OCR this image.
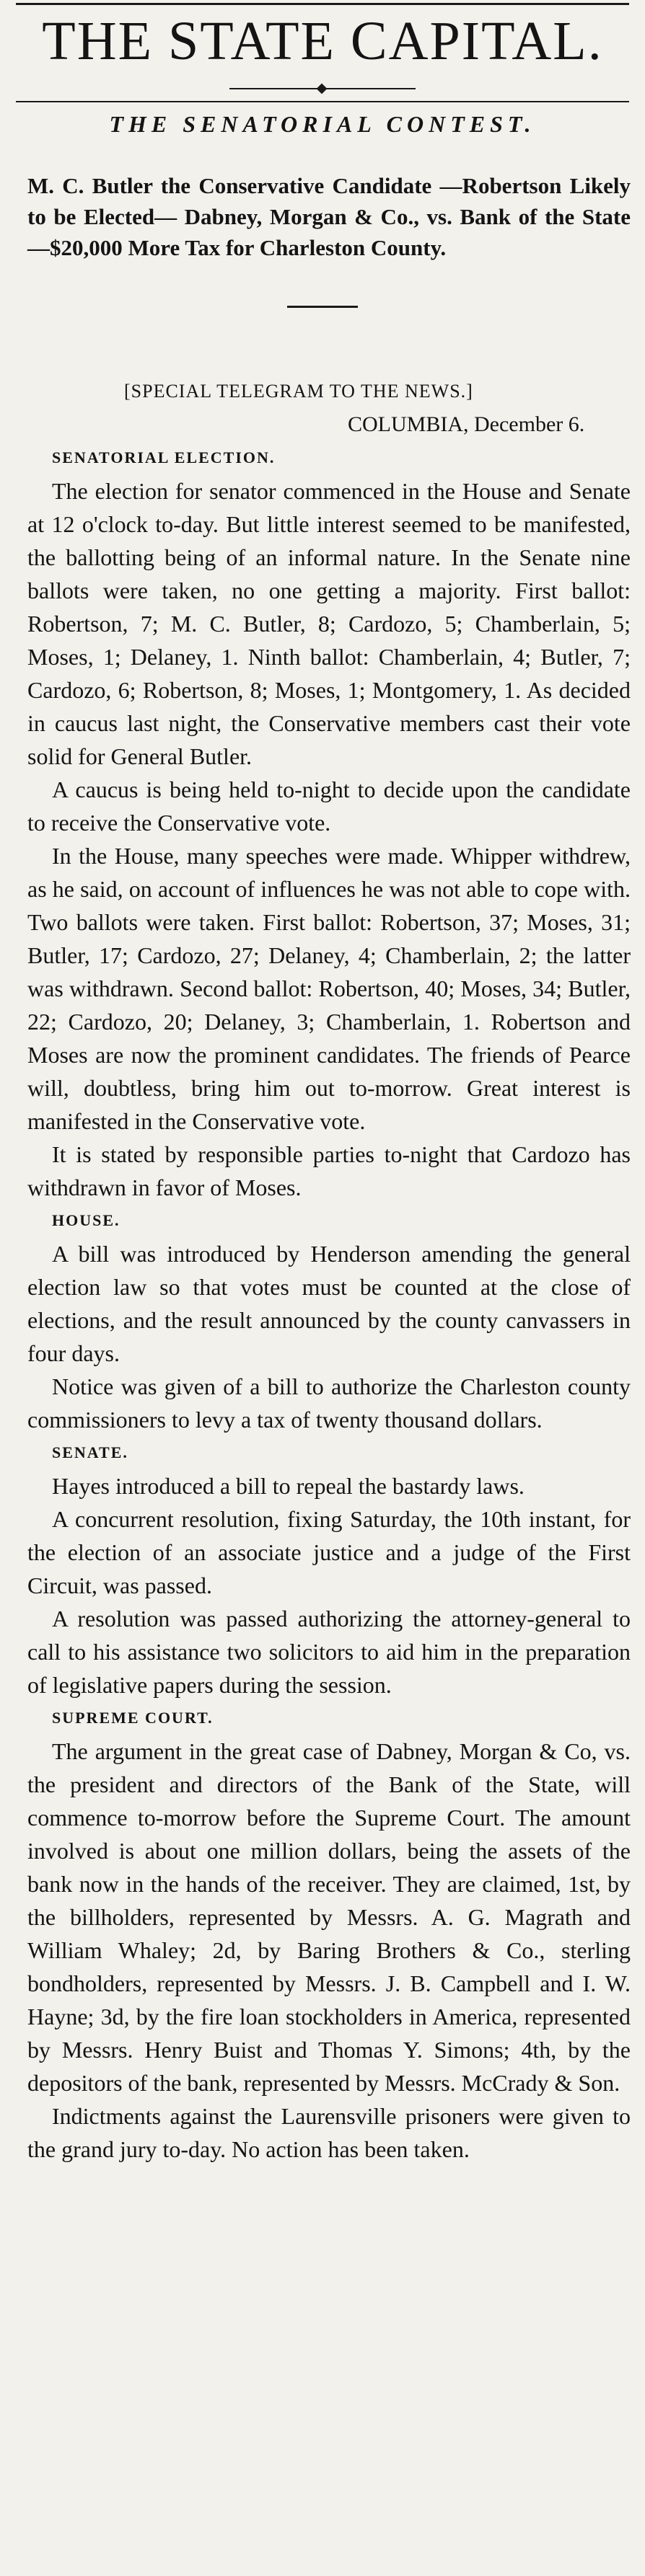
THE STATE CAPITAL.
THE SENATORIAL CONTEST.
M. C. Butler the Conservative Candidate —Robertson Likely to be Elected— Dabney, Morgan & Co., vs. Bank of the State—$20,000 More Tax for Charleston County.

[SPECIAL TELEGRAM TO THE NEWS.]

COLUMBIA, December 6.

SENATORIAL ELECTION.

The election for senator commenced in the House and Senate at 12 o'clock to-day. But little interest seemed to be manifested, the ballotting being of an informal nature. In the Senate nine ballots were taken, no one getting a majority. First ballot: Robertson, 7; M. C. Butler, 8; Cardozo, 5; Chamberlain, 5; Moses, 1; Delaney, 1. Ninth ballot: Chamberlain, 4; Butler, 7; Cardozo, 6; Robertson, 8; Moses, 1; Montgomery, 1. As decided in caucus last night, the Conservative members cast their vote solid for General Butler.

A caucus is being held to-night to decide upon the candidate to receive the Conservative vote.

In the House, many speeches were made. Whipper withdrew, as he said, on account of influences he was not able to cope with. Two ballots were taken. First ballot: Robertson, 37; Moses, 31; Butler, 17; Cardozo, 27; Delaney, 4; Chamberlain, 2; the latter was withdrawn. Second ballot: Robertson, 40; Moses, 34; Butler, 22; Cardozo, 20; Delaney, 3; Chamberlain, 1. Robertson and Moses are now the prominent candidates. The friends of Pearce will, doubtless, bring him out to-morrow. Great interest is manifested in the Conservative vote.

It is stated by responsible parties to-night that Cardozo has withdrawn in favor of Moses.

HOUSE.

A bill was introduced by Henderson amending the general election law so that votes must be counted at the close of elections, and the result announced by the county canvassers in four days.

Notice was given of a bill to authorize the Charleston county commissioners to levy a tax of twenty thousand dollars.

SENATE.

Hayes introduced a bill to repeal the bastardy laws.

A concurrent resolution, fixing Saturday, the 10th instant, for the election of an associate justice and a judge of the First Circuit, was passed.

A resolution was passed authorizing the attorney-general to call to his assistance two solicitors to aid him in the preparation of legislative papers during the session.

SUPREME COURT.

The argument in the great case of Dabney, Morgan & Co, vs. the president and directors of the Bank of the State, will commence to-morrow before the Supreme Court. The amount involved is about one million dollars, being the assets of the bank now in the hands of the receiver. They are claimed, 1st, by the billholders, represented by Messrs. A. G. Magrath and William Whaley; 2d, by Baring Brothers & Co., sterling bondholders, represented by Messrs. J. B. Campbell and I. W. Hayne; 3d, by the fire loan stockholders in America, represented by Messrs. Henry Buist and Thomas Y. Simons; 4th, by the depositors of the bank, represented by Messrs. McCrady & Son.

Indictments against the Laurensville prisoners were given to the grand jury to-day. No action has been taken.
